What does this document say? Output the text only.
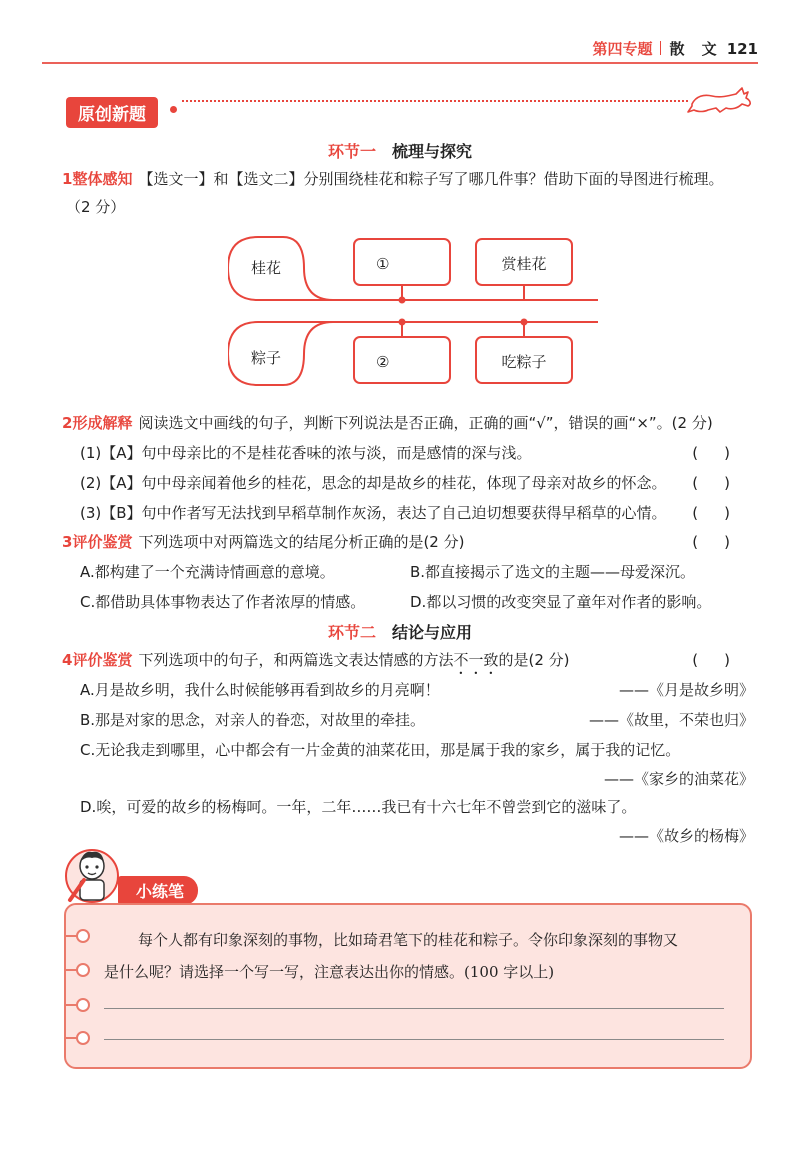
第四专题 散 文 121
原创新题
环节一 梳理与探究
1整体感知 【选文一】和【选文二】分别围绕桂花和粽子写了哪几件事？借助下面的导图进行梳理。
（2 分）
桂花
粽子
①	赏桂花
②	吃粽子
2形成解释 阅读选文中画线的句子，判断下列说法是否正确，正确的画“√”，错误的画“×”。(2 分)
(1)【A】句中母亲比的不是桂花香味的浓与淡，而是感情的深与浅。	()
(2)【A】句中母亲闻着他乡的桂花，思念的却是故乡的桂花，体现了母亲对故乡的怀念。 ()
(3)【B】句中作者写无法找到早稻草制作灰汤，表达了自己迫切想要获得早稻草的心情。 ()
3评价鉴赏 下列选项中对两篇选文的结尾分析正确的是(2 分)	()
A.都构建了一个充满诗情画意的意境。	B.都直接揭示了选文的主题——母爱深沉。
C.都借助具体事物表达了作者浓厚的情感。	D.都以习惯的改变突显了童年对作者的影响。
环节二 结论与应用
4评价鉴赏 下列选项中的句子，和两篇选文表达情感的方法不一致的是(2 分)	()
A.月是故乡明，我什么时候能够再看到故乡的月亮啊！	——《月是故乡明》
B.那是对家的思念，对亲人的眷恋，对故里的牵挂。	——《故里，不荣也归》
C.无论我走到哪里，心中都会有一片金黄的油菜花田，那是属于我的家乡，属于我的记忆。
——《家乡的油菜花》
D.唉，可爱的故乡的杨梅呵。一年，二年……我已有十六七年不曾尝到它的滋味了。
——《故乡的杨梅》
小练笔
每个人都有印象深刻的事物，比如琦君笔下的桂花和粽子。令你印象深刻的事物又
是什么呢？请选择一个写一写，注意表达出你的情感。(100 字以上)
